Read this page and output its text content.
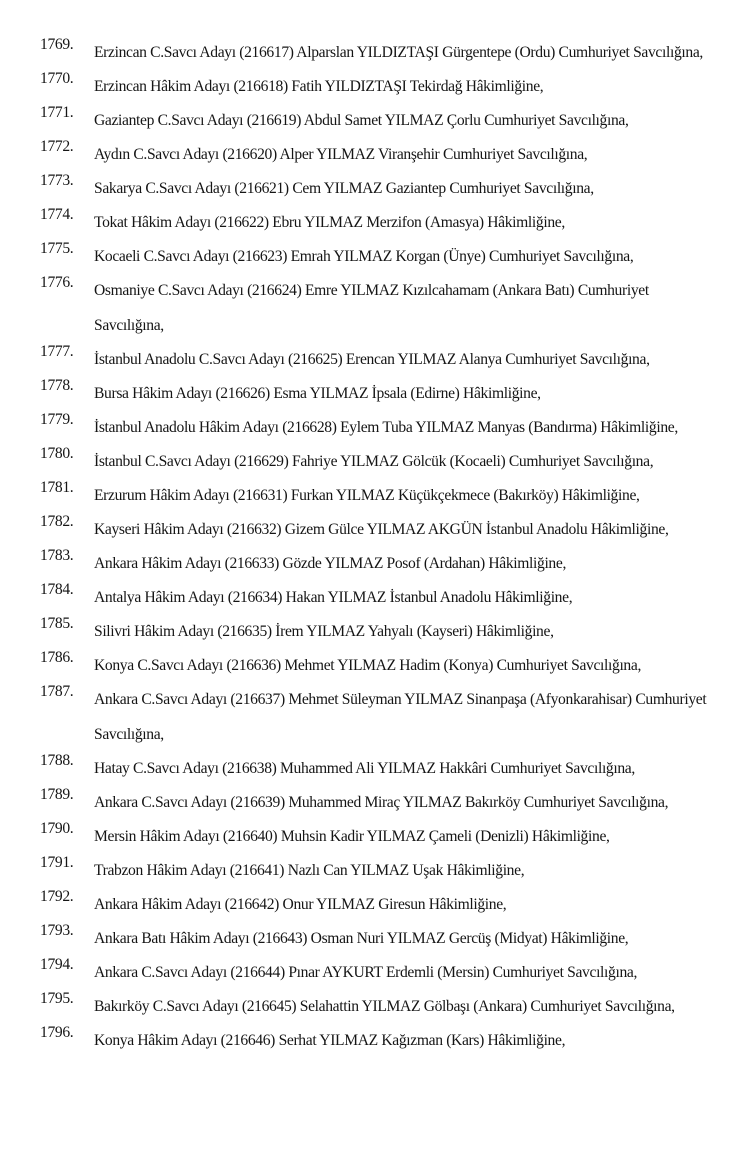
1769.	Erzincan C.Savcı Adayı (216617) Alparslan YILDIZTAŞI Gürgentepe (Ordu) Cumhuriyet Savcılığına,
1770.	Erzincan Hâkim Adayı (216618) Fatih YILDIZTAŞI Tekirdağ Hâkimliğine,
1771.	Gaziantep C.Savcı Adayı (216619) Abdul Samet YILMAZ Çorlu Cumhuriyet Savcılığına,
1772.	Aydın C.Savcı Adayı (216620) Alper YILMAZ Viranşehir Cumhuriyet Savcılığına,
1773.	Sakarya C.Savcı Adayı (216621) Cem YILMAZ Gaziantep Cumhuriyet Savcılığına,
1774.	Tokat Hâkim Adayı (216622) Ebru YILMAZ Merzifon (Amasya) Hâkimliğine,
1775.	Kocaeli C.Savcı Adayı (216623) Emrah YILMAZ Korgan (Ünye) Cumhuriyet Savcılığına,
1776.	Osmaniye C.Savcı Adayı (216624) Emre YILMAZ Kızılcahamam (Ankara Batı) Cumhuriyet Savcılığına,
1777.	İstanbul Anadolu C.Savcı Adayı (216625) Erencan YILMAZ Alanya Cumhuriyet Savcılığına,
1778.	Bursa Hâkim Adayı (216626) Esma YILMAZ İpsala (Edirne) Hâkimliğine,
1779.	İstanbul Anadolu Hâkim Adayı (216628) Eylem Tuba YILMAZ Manyas (Bandırma) Hâkimliğine,
1780.	İstanbul C.Savcı Adayı (216629) Fahriye YILMAZ Gölcük (Kocaeli) Cumhuriyet Savcılığına,
1781.	Erzurum Hâkim Adayı (216631) Furkan YILMAZ Küçükçekmece (Bakırköy) Hâkimliğine,
1782.	Kayseri Hâkim Adayı (216632) Gizem Gülce YILMAZ AKGÜN İstanbul Anadolu Hâkimliğine,
1783.	Ankara Hâkim Adayı (216633) Gözde YILMAZ Posof (Ardahan) Hâkimliğine,
1784.	Antalya Hâkim Adayı (216634) Hakan YILMAZ İstanbul Anadolu Hâkimliğine,
1785.	Silivri Hâkim Adayı (216635) İrem YILMAZ Yahyalı (Kayseri) Hâkimliğine,
1786.	Konya C.Savcı Adayı (216636) Mehmet YILMAZ Hadim (Konya) Cumhuriyet Savcılığına,
1787.	Ankara C.Savcı Adayı (216637) Mehmet Süleyman YILMAZ Sinanpaşa (Afyonkarahisar) Cumhuriyet Savcılığına,
1788.	Hatay C.Savcı Adayı (216638) Muhammed Ali YILMAZ Hakkâri Cumhuriyet Savcılığına,
1789.	Ankara C.Savcı Adayı (216639) Muhammed Miraç YILMAZ Bakırköy Cumhuriyet Savcılığına,
1790.	Mersin Hâkim Adayı (216640) Muhsin Kadir YILMAZ Çameli (Denizli) Hâkimliğine,
1791.	Trabzon Hâkim Adayı (216641) Nazlı Can YILMAZ Uşak Hâkimliğine,
1792.	Ankara Hâkim Adayı (216642) Onur YILMAZ Giresun Hâkimliğine,
1793.	Ankara Batı Hâkim Adayı (216643) Osman Nuri YILMAZ Gercüş (Midyat) Hâkimliğine,
1794.	Ankara C.Savcı Adayı (216644) Pınar AYKURT Erdemli (Mersin) Cumhuriyet Savcılığına,
1795.	Bakırköy C.Savcı Adayı (216645) Selahattin YILMAZ Gölbaşı (Ankara) Cumhuriyet Savcılığına,
1796.	Konya Hâkim Adayı (216646) Serhat YILMAZ Kağızman (Kars) Hâkimliğine,
